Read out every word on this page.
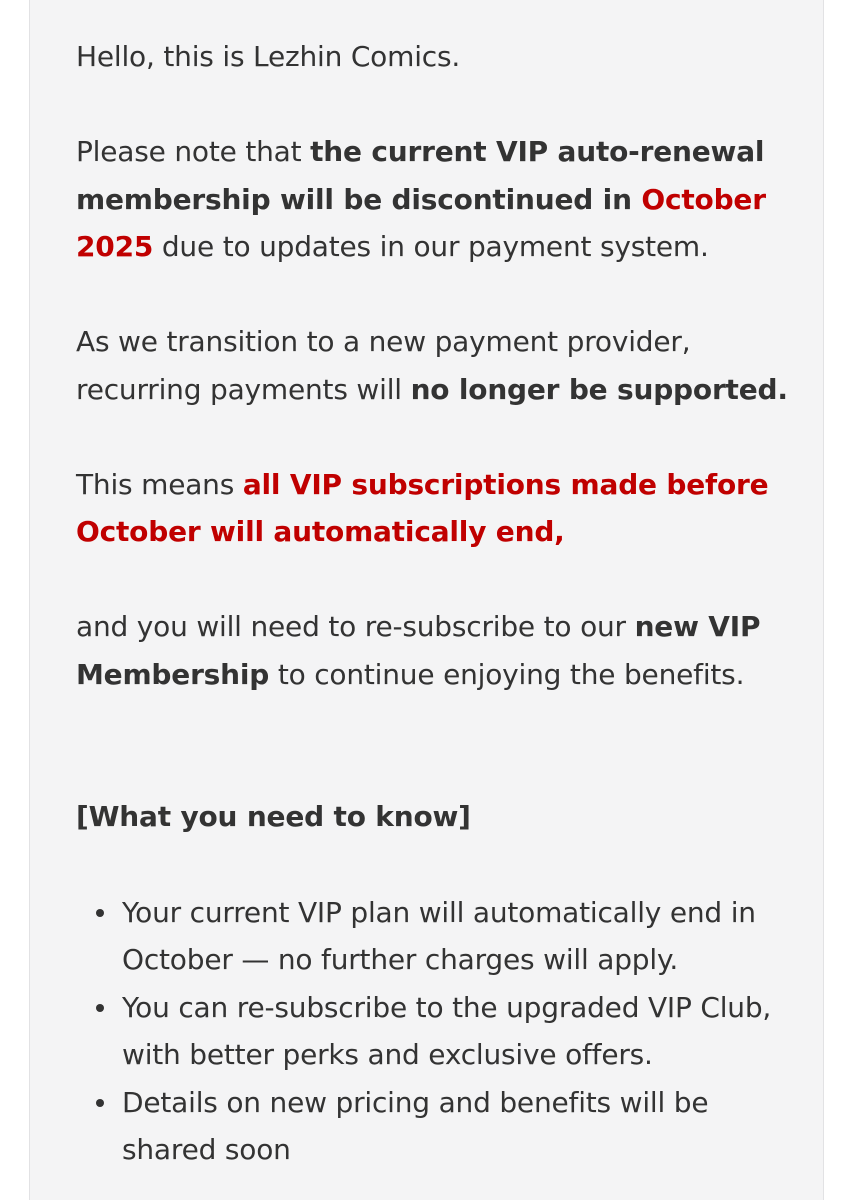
Hello, this is Lezhin Comics.

Please note that the current VIP auto-renewal membership will be discontinued in October 2025 due to updates in our payment system.

As we transition to a new payment provider, recurring payments will no longer be supported.

This means all VIP subscriptions made before October will automatically end,

and you will need to re-subscribe to our new VIP Membership to continue enjoying the benefits.

[What you need to know]

Your current VIP plan will automatically end in October — no further charges will apply.
You can re-subscribe to the upgraded VIP Club, with better perks and exclusive offers.
Details on new pricing and benefits will be shared soon
